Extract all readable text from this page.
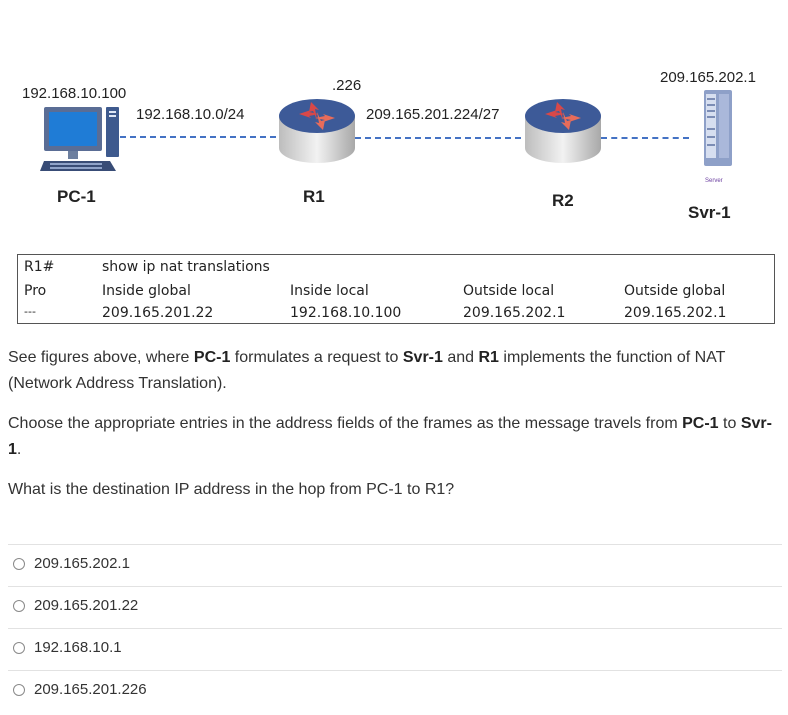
192.168.10.100
192.168.10.0/24
.226
209.165.201.224/27
209.165.202.1
PC-1	R1	R2
Server
Svr-1
R1#	show ip nat translations
Pro	Inside global	Inside local	Outside local	Outside global
---	209.165.201.22	192.168.10.100	209.165.202.1	209.165.202.1
See figures above, where PC-1 formulates a request to Svr-1 and R1 implements the function of NAT (Network Address Translation).
Choose the appropriate entries in the address fields of the frames as the message travels from PC-1 to Svr-1.
What is the destination IP address in the hop from PC-1 to R1?
209.165.202.1
209.165.201.22
192.168.10.1
209.165.201.226
